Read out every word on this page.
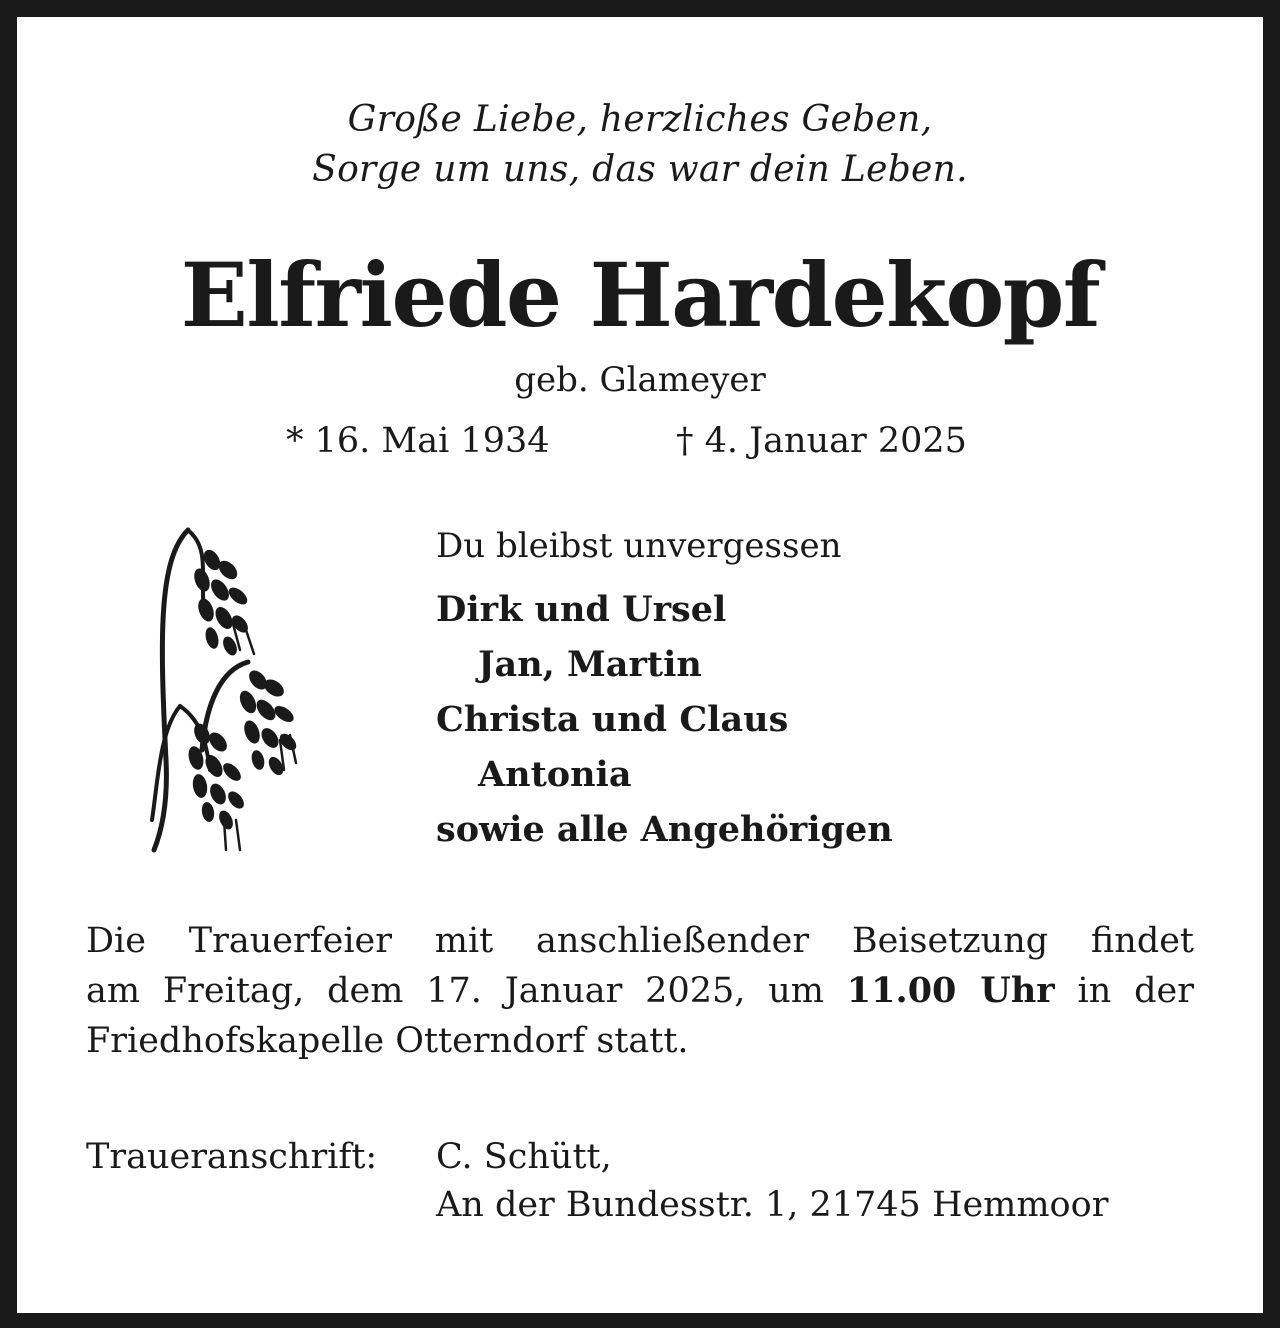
Große Liebe, herzliches Geben,
Sorge um uns, das war dein Leben.
Elfriede Hardekopf
geb. Glameyer
* 16. Mai 1934	† 4. Januar 2025
Du bleibst unvergessen
Dirk und Ursel
Jan, Martin
Christa und Claus
Antonia
sowie alle Angehörigen
Die Trauerfeier mit anschließender Beisetzung findet
am Freitag, dem 17. Januar 2025, um 11.00 Uhr in der
Friedhofskapelle Otterndorf statt.
Traueranschrift: C. Schütt,
An der Bundesstr. 1, 21745 Hemmoor
